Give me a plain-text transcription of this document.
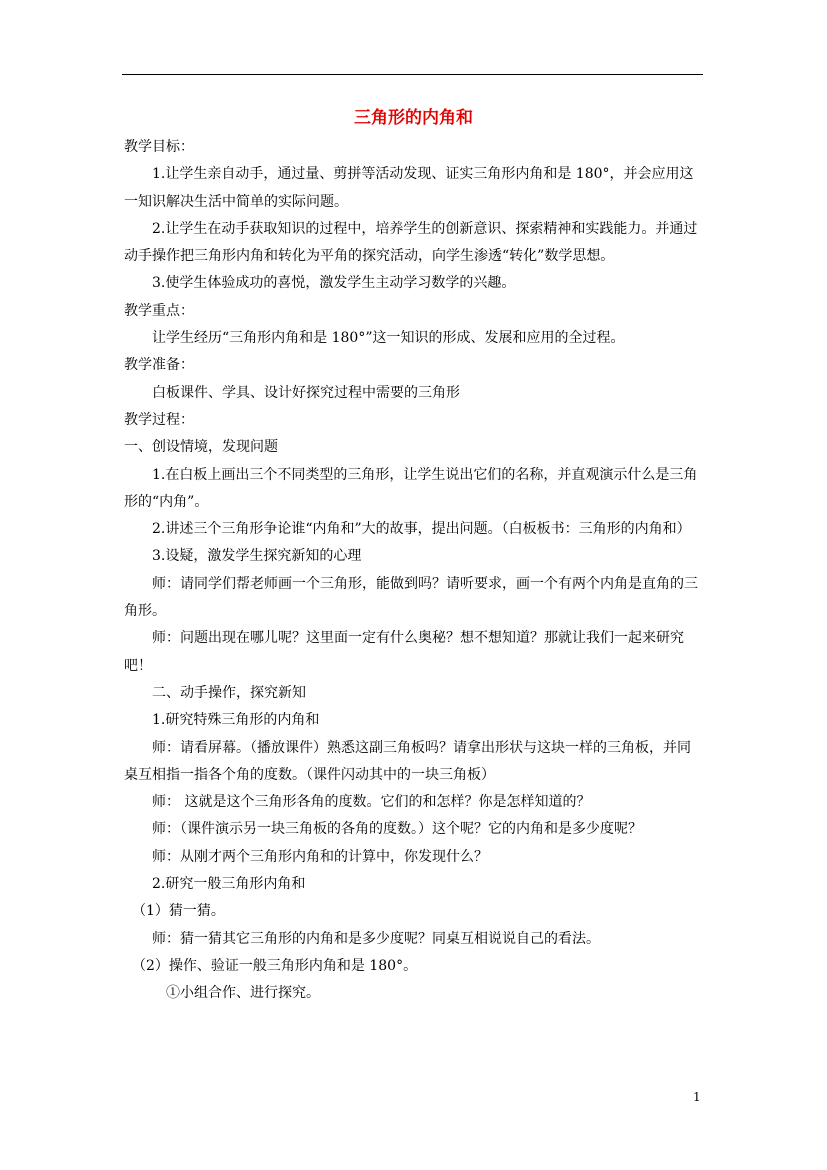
三角形的内角和

教学目标：

1.让学生亲自动手，通过量、剪拼等活动发现、证实三角形内角和是 180°，并会应用这一知识解决生活中简单的实际问题。

2.让学生在动手获取知识的过程中，培养学生的创新意识、探索精神和实践能力。并通过动手操作把三角形内角和转化为平角的探究活动，向学生渗透“转化”数学思想。

3.使学生体验成功的喜悦，激发学生主动学习数学的兴趣。

教学重点：

让学生经历“三角形内角和是 180°”这一知识的形成、发展和应用的全过程。

教学准备：

白板课件、学具、设计好探究过程中需要的三角形

教学过程：

一、创设情境，发现问题

1.在白板上画出三个不同类型的三角形，让学生说出它们的名称，并直观演示什么是三角形的“内角”。

2.讲述三个三角形争论谁“内角和”大的故事，提出问题。（白板板书：三角形的内角和）

3.设疑，激发学生探究新知的心理

师：请同学们帮老师画一个三角形，能做到吗？请听要求，画一个有两个内角是直角的三角形。

师：问题出现在哪儿呢？这里面一定有什么奥秘？想不想知道？那就让我们一起来研究吧！

二、动手操作，探究新知

1.研究特殊三角形的内角和

师：请看屏幕。（播放课件）熟悉这副三角板吗？请拿出形状与这块一样的三角板，并同桌互相指一指各个角的度数。（课件闪动其中的一块三角板）

师： 这就是这个三角形各角的度数。它们的和怎样？你是怎样知道的？

师：（课件演示另一块三角板的各角的度数。）这个呢？它的内角和是多少度呢？

师：从刚才两个三角形内角和的计算中，你发现什么？

2.研究一般三角形内角和

（1）猜一猜。

师：猜一猜其它三角形的内角和是多少度呢？同桌互相说说自己的看法。

（2）操作、验证一般三角形内角和是 180°。

①小组合作、进行探究。

1
